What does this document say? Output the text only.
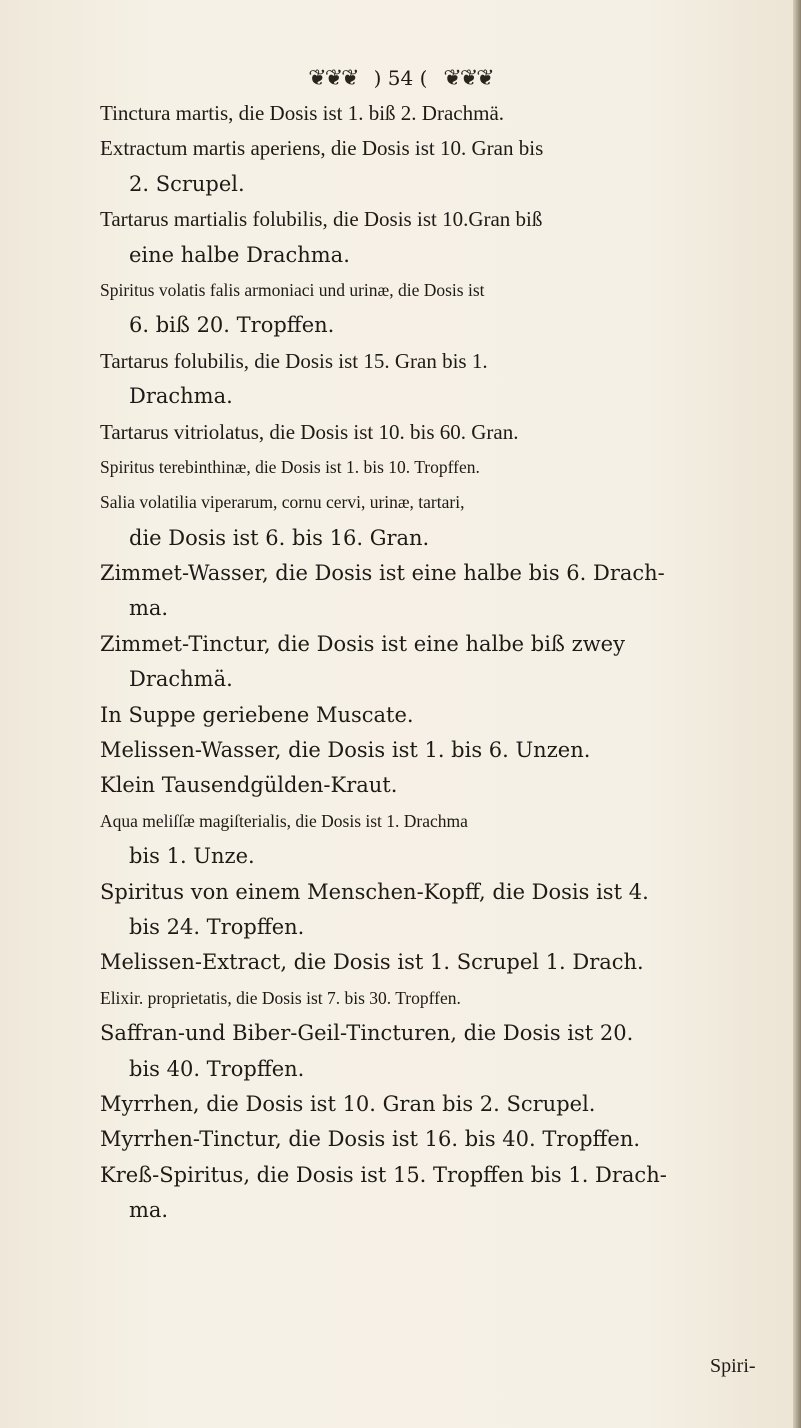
❦❦❦ ) 54 ( ❦❦❦
Tinctura martis, die Dosis ist 1. biß 2. Drachmä.
Extractum martis aperiens, die Dosis ist 10. Gran bis
2. Scrupel.
Tartarus martialis folubilis, die Dosis ist 10.Gran biß
eine halbe Drachma.
Spiritus volatis falis armoniaci und urinæ, die Dosis ist
6. biß 20. Tropffen.
Tartarus folubilis, die Dosis ist 15. Gran bis 1.
Drachma.
Tartarus vitriolatus, die Dosis ist 10. bis 60. Gran.
Spiritus terebinthinæ, die Dosis ist 1. bis 10. Tropffen.
Salia volatilia viperarum, cornu cervi, urinæ, tartari,
die Dosis ist 6. bis 16. Gran.
Zimmet-Wasser, die Dosis ist eine halbe bis 6. Drach-
ma.
Zimmet-Tinctur, die Dosis ist eine halbe biß zwey
Drachmä.
In Suppe geriebene Muscate.
Melissen-Wasser, die Dosis ist 1. bis 6. Unzen.
Klein Tausendgülden-Kraut.
Aqua meliſſæ magiſterialis, die Dosis ist 1. Drachma
bis 1. Unze.
Spiritus von einem Menschen-Kopff, die Dosis ist 4.
bis 24. Tropffen.
Melissen-Extract, die Dosis ist 1. Scrupel 1. Drach.
Elixir. proprietatis, die Dosis ist 7. bis 30. Tropffen.
Saffran-und Biber-Geil-Tincturen, die Dosis ist 20.
bis 40. Tropffen.
Myrrhen, die Dosis ist 10. Gran bis 2. Scrupel.
Myrrhen-Tinctur, die Dosis ist 16. bis 40. Tropffen.
Kreß-Spiritus, die Dosis ist 15. Tropffen bis 1. Drach-
ma.
Spiri-
